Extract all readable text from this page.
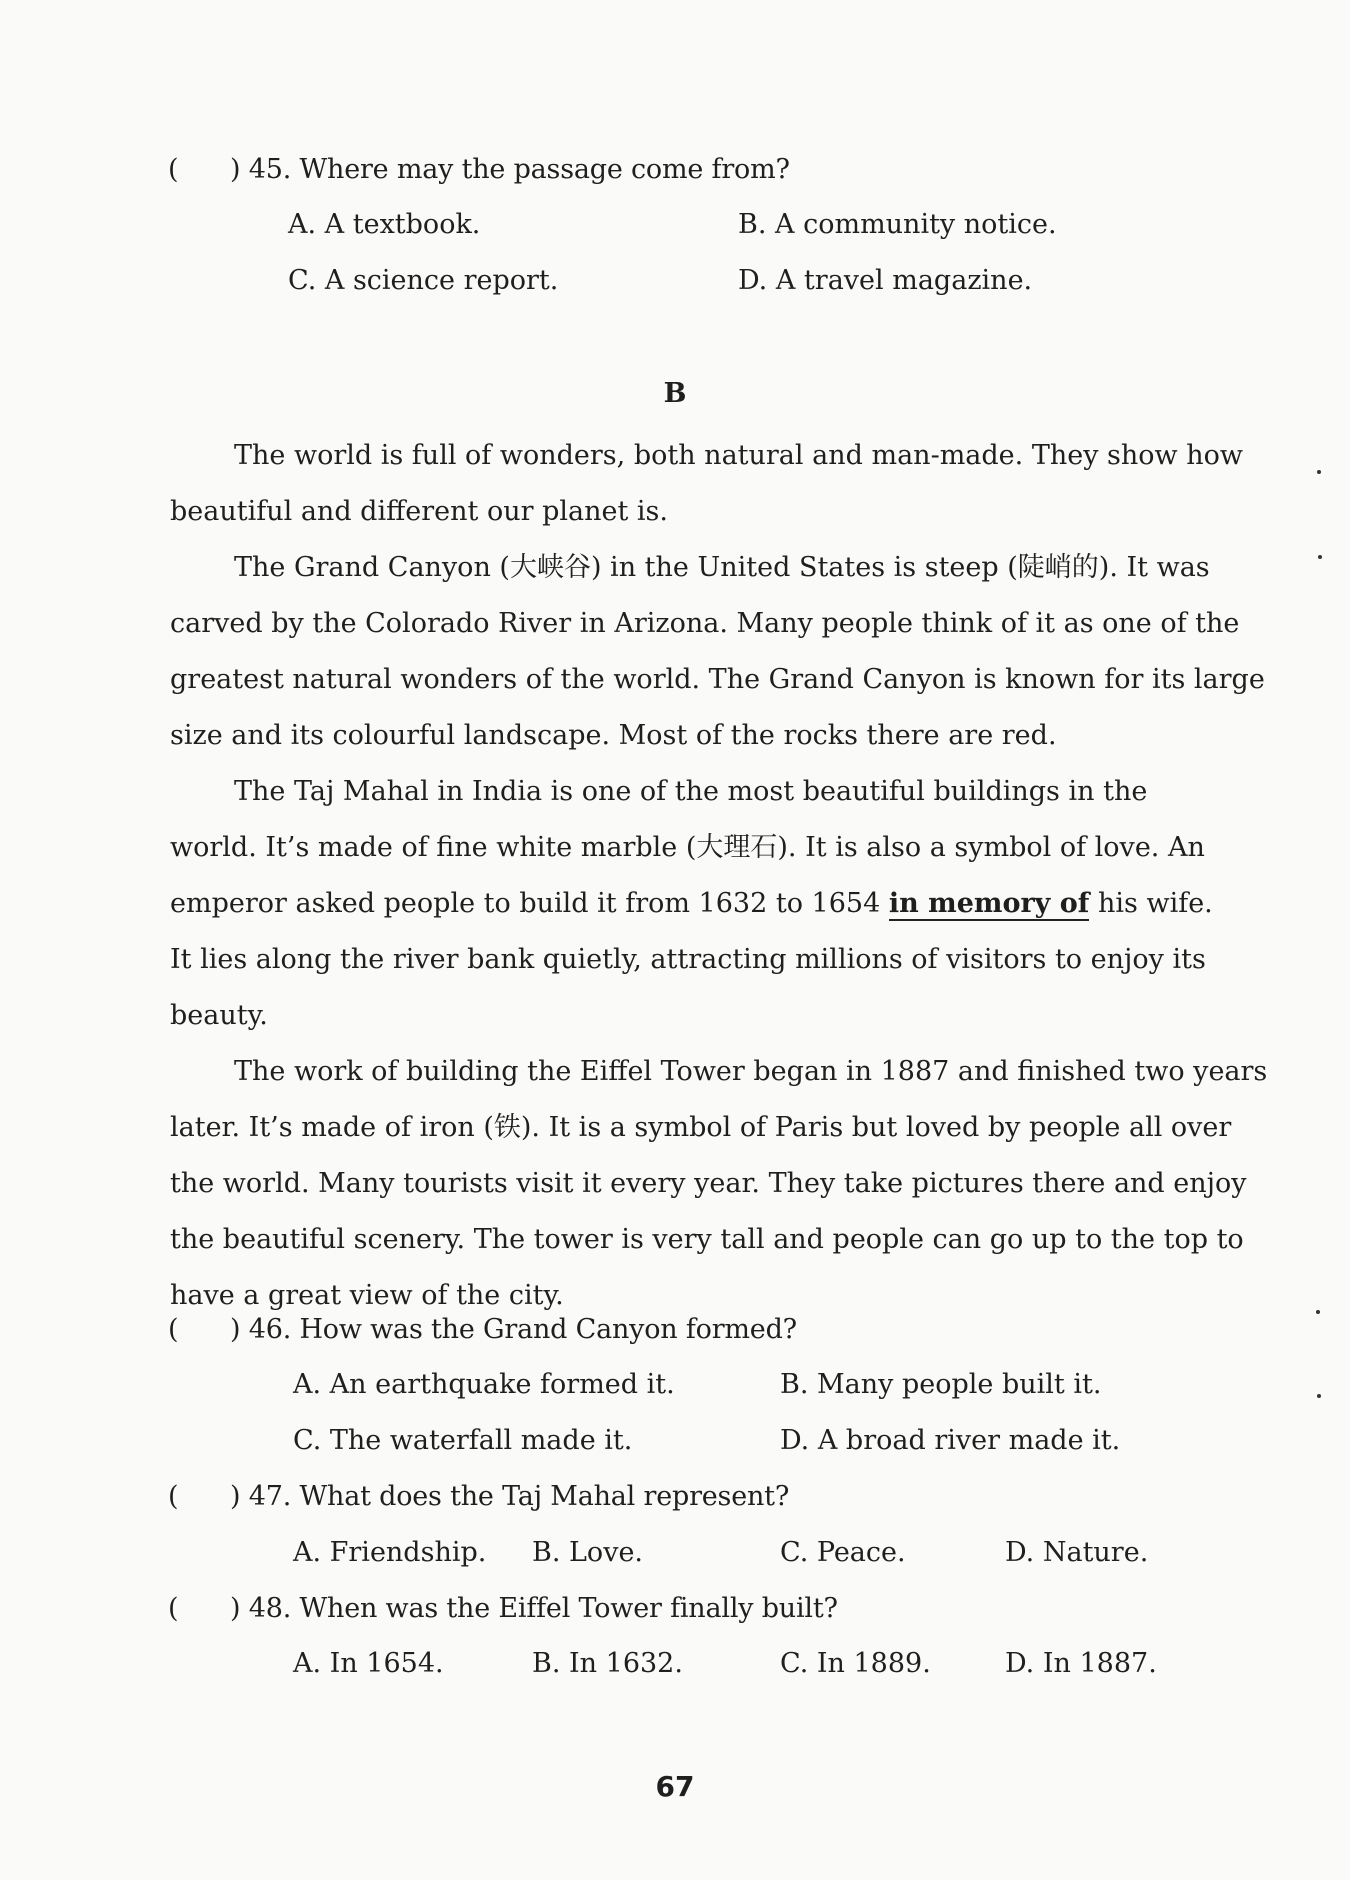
( ) 45. Where may the passage come from?
A. A textbook.	B. A community notice.
C. A science report.	D. A travel magazine.
B
The world is full of wonders, both natural and man-made. They show how
beautiful and different our planet is.
The Grand Canyon (大峡谷) in the United States is steep (陡峭的). It was
carved by the Colorado River in Arizona. Many people think of it as one of the
greatest natural wonders of the world. The Grand Canyon is known for its large
size and its colourful landscape. Most of the rocks there are red.
The Taj Mahal in India is one of the most beautiful buildings in the
world. It’s made of fine white marble (大理石). It is also a symbol of love. An
emperor asked people to build it from 1632 to 1654 in memory of his wife.
It lies along the river bank quietly, attracting millions of visitors to enjoy its
beauty.
The work of building the Eiffel Tower began in 1887 and finished two years
later. It’s made of iron (铁). It is a symbol of Paris but loved by people all over
the world. Many tourists visit it every year. They take pictures there and enjoy
the beautiful scenery. The tower is very tall and people can go up to the top to
have a great view of the city.
( ) 46. How was the Grand Canyon formed?
A. An earthquake formed it.	B. Many people built it.
C. The waterfall made it.	D. A broad river made it.
( ) 47. What does the Taj Mahal represent?
A. Friendship. B. Love.	C. Peace.	D. Nature.
( ) 48. When was the Eiffel Tower finally built?
A. In 1654.	B. In 1632.	C. In 1889.	D. In 1887.
67
